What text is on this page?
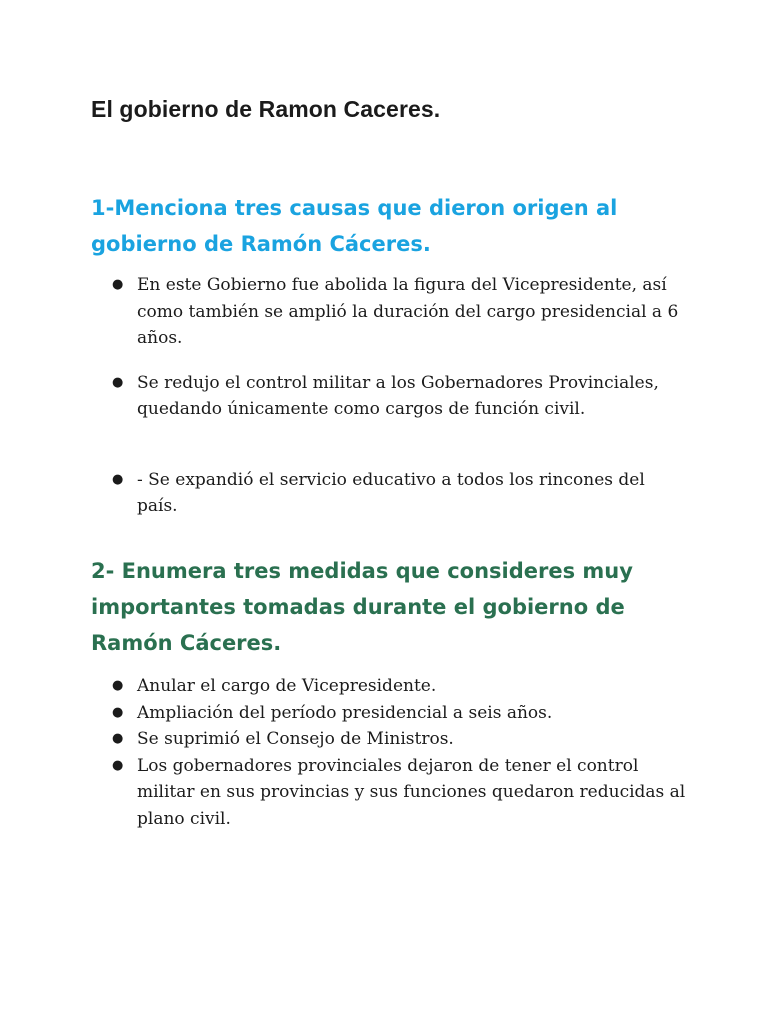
El gobierno de Ramon Caceres.
1-Menciona tres causas que dieron origen al gobierno de Ramón Cáceres.
● En este Gobierno fue abolida la figura del Vicepresidente, así como también se amplió la duración del cargo presidencial a 6 años.
● Se redujo el control militar a los Gobernadores Provinciales, quedando únicamente como cargos de función civil.
● - Se expandió el servicio educativo a todos los rincones del país.
2- Enumera tres medidas que consideres muy importantes tomadas durante el gobierno de Ramón Cáceres.
● Anular el cargo de Vicepresidente.
● Ampliación del período presidencial a seis años.
● Se suprimió el Consejo de Ministros.
● Los gobernadores provinciales dejaron de tener el control militar en sus provincias y sus funciones quedaron reducidas al plano civil.
